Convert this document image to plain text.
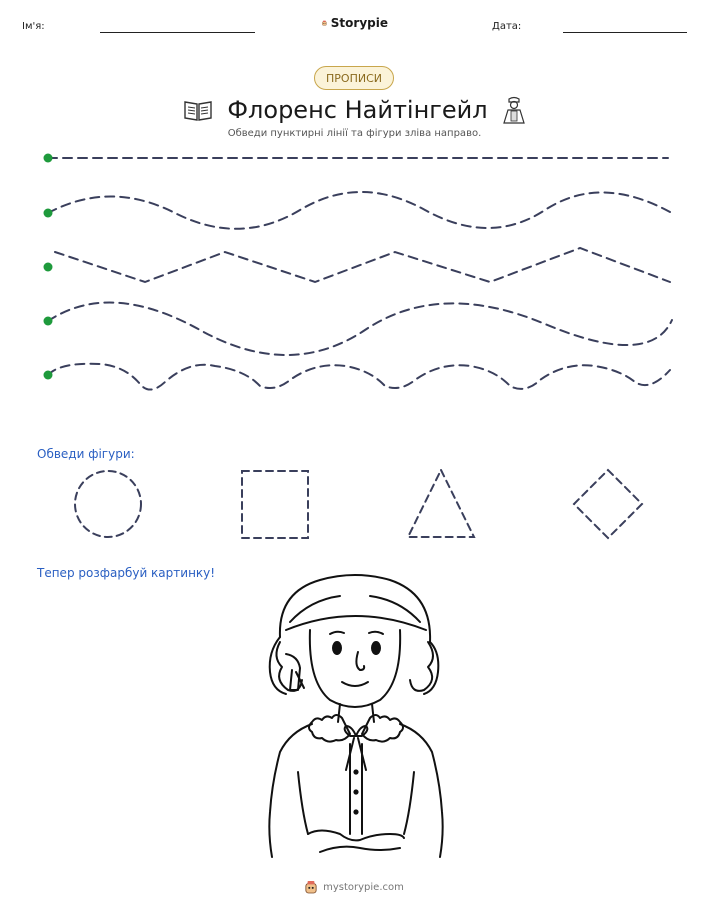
Ім'я:	Storypie	Дата:
ПРОПИСИ
Флоренс Найтінгейл
Обведи пунктирні лінії та фігури зліва направо.
Обведи фігури:
Тепер розфарбуй картинку!
mystorypie.com
